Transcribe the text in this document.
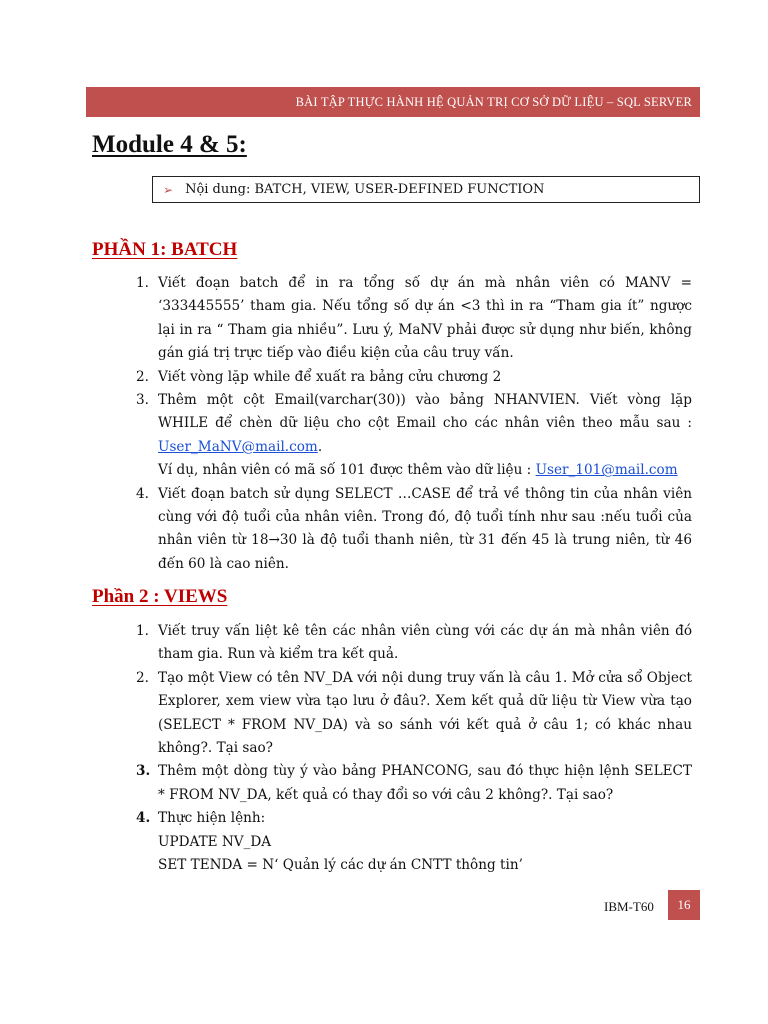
BÀI TẬP THỰC HÀNH HỆ QUẢN TRỊ CƠ SỞ DỮ LIỆU – SQL SERVER
Module 4 & 5:
➢ Nội dung: BATCH, VIEW, USER-DEFINED FUNCTION
PHẦN 1: BATCH
1. Viết đoạn batch để in ra tổng số dự án mà nhân viên có MANV = ‘333445555’ tham gia. Nếu tổng số dự án <3 thì in ra “Tham gia ít” ngược lại in ra “ Tham gia nhiều”. Lưu ý, MaNV phải được sử dụng như biến, không gán giá trị trực tiếp vào điều kiện của câu truy vấn.
2. Viết vòng lặp while để xuất ra bảng cửu chương 2
3. Thêm một cột Email(varchar(30)) vào bảng NHANVIEN. Viết vòng lặp WHILE để chèn dữ liệu cho cột Email cho các nhân viên theo mẫu sau : User_MaNV@mail.com.
Ví dụ, nhân viên có mã số 101 được thêm vào dữ liệu : User_101@mail.com
4. Viết đoạn batch sử dụng SELECT …CASE để trả về thông tin của nhân viên cùng với độ tuổi của nhân viên. Trong đó, độ tuổi tính như sau :nếu tuổi của nhân viên từ 18→30 là độ tuổi thanh niên, từ 31 đến 45 là trung niên, từ 46 đến 60 là cao niên.
Phần 2 : VIEWS
1. Viết truy vấn liệt kê tên các nhân viên cùng với các dự án mà nhân viên đó tham gia. Run và kiểm tra kết quả.
2. Tạo một View có tên NV_DA với nội dung truy vấn là câu 1. Mở cửa sổ Object Explorer, xem view vừa tạo lưu ở đâu?. Xem kết quả dữ liệu từ View vừa tạo (SELECT * FROM NV_DA) và so sánh với kết quả ở câu 1; có khác nhau không?. Tại sao?
3. Thêm một dòng tùy ý vào bảng PHANCONG, sau đó thực hiện lệnh SELECT * FROM NV_DA, kết quả có thay đổi so với câu 2 không?. Tại sao?
4. Thực hiện lệnh:
UPDATE NV_DA
SET TENDA = N‘ Quản lý các dự án CNTT thông tin’
IBM-T60	16
